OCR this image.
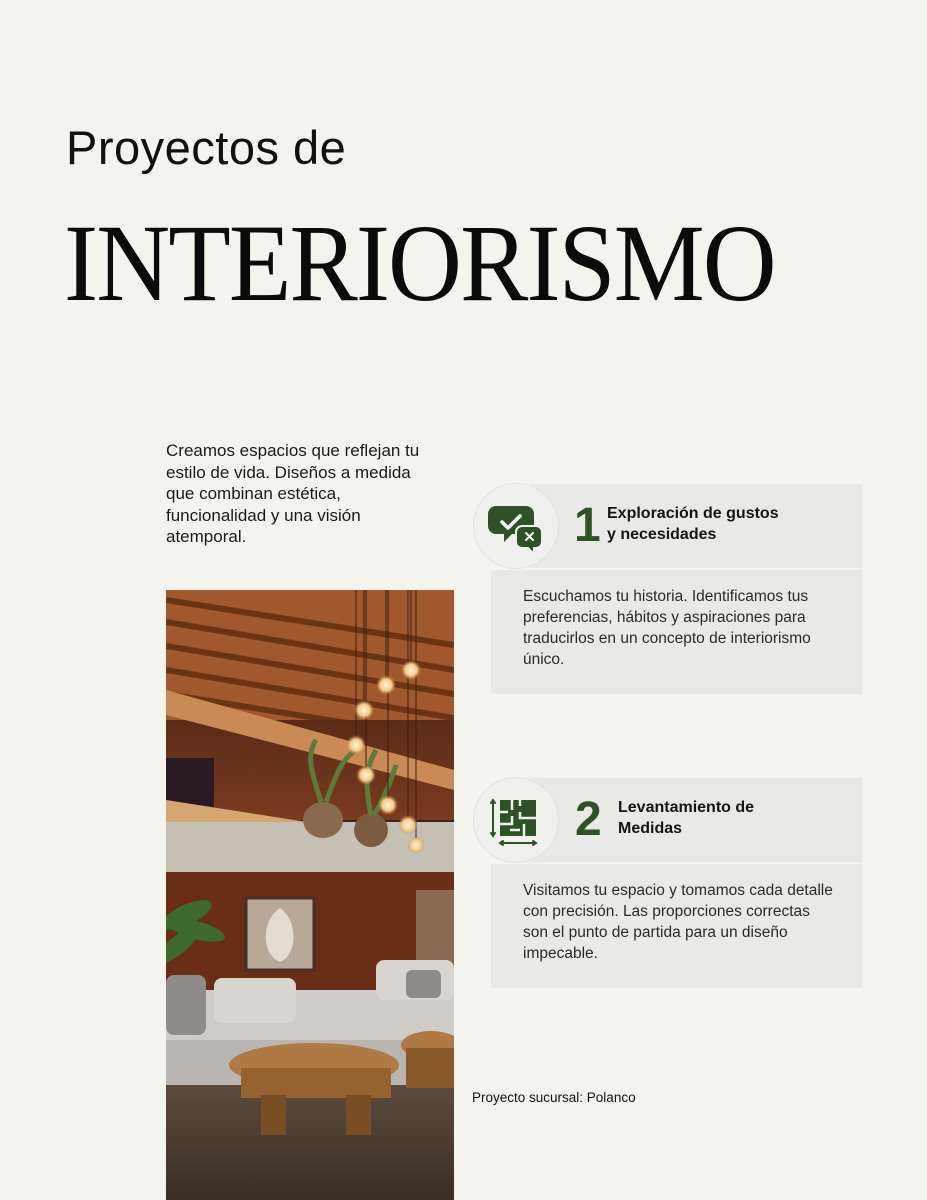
Proyectos de
INTERIORISMO

Creamos espacios que reflejan tu estilo de vida. Diseños a medida que combinan estética, funcionalidad y una visión atemporal.	1 Exploración de gustos
y necesidades
Escuchamos tu historia. Identificamos tus preferencias, hábitos y aspiraciones para traducirlos en un concepto de interiorismo único.
2 Levantamiento de
Medidas
Visitamos tu espacio y tomamos cada detalle con precisión. Las proporciones correctas son el punto de partida para un diseño impecable.
Proyecto sucursal: Polanco
